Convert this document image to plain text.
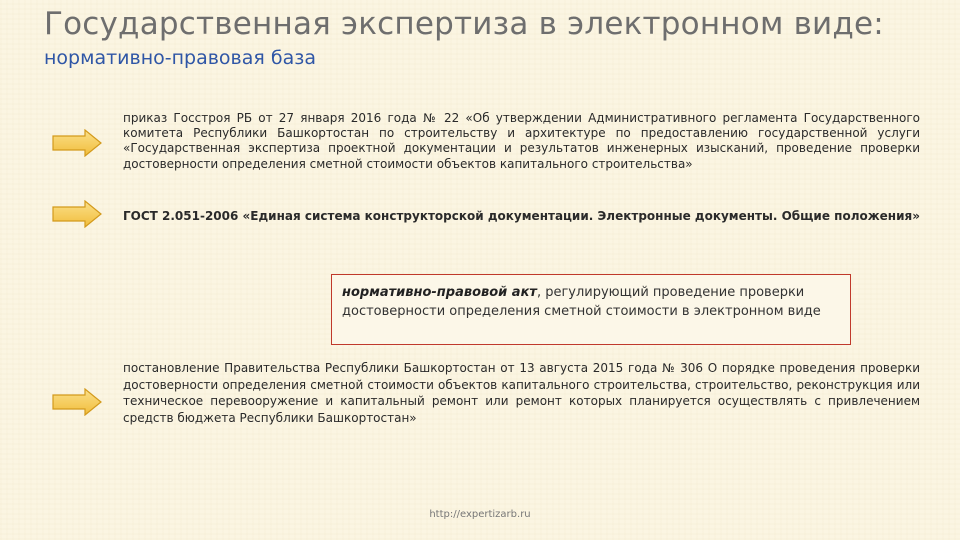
Государственная экспертиза в электронном виде:
нормативно-правовая база
приказ Госстроя РБ от 27 января 2016 года № 22 «Об утверждении Административного регламента Государственного комитета Республики Башкортостан по строительству и архитектуре по предоставлению государственной услуги «Государственная экспертиза проектной документации и результатов инженерных изысканий, проведение проверки достоверности определения сметной стоимости объектов капитального строительства»
ГОСТ 2.051-2006 «Единая система конструкторской документации. Электронные документы. Общие положения»
нормативно-правовой акт, регулирующий проведение проверки достоверности определения сметной стоимости в электронном виде
постановление Правительства Республики Башкортостан от 13 августа 2015 года № 306 О порядке проведения проверки достоверности определения сметной стоимости объектов капитального строительства, строительство, реконструкция или техническое перевооружение и капитальный ремонт или ремонт которых планируется осуществлять с привлечением средств бюджета Республики Башкортостан»
http://expertizarb.ru
